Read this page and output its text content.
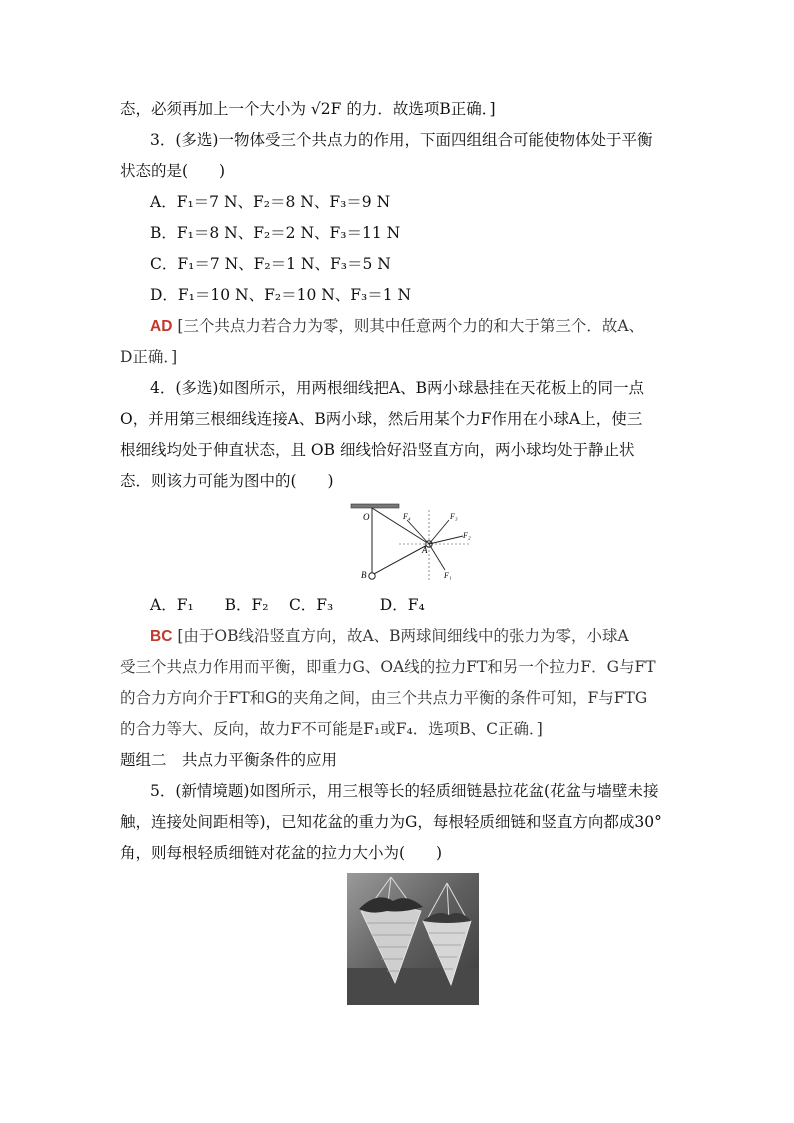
态，必须再加上一个大小为 √2F 的力．故选项B正确．]
3．(多选)一物体受三个共点力的作用，下面四组组合可能使物体处于平衡
状态的是(　　)
A．F₁＝7 N、F₂＝8 N、F₃＝9 N
B．F₁＝8 N、F₂＝2 N、F₃＝11 N
C．F₁＝7 N、F₂＝1 N、F₃＝5 N
D．F₁＝10 N、F₂＝10 N、F₃＝1 N
AD [三个共点力若合力为零，则其中任意两个力的和大于第三个．故A、
D正确．]
4．(多选)如图所示，用两根细线把A、B两小球悬挂在天花板上的同一点
O，并用第三根细线连接A、B两小球，然后用某个力F作用在小球A上，使三
根细线均处于伸直状态，且 OB 细线恰好沿竖直方向，两小球均处于静止状
态．则该力可能为图中的(　　)
O
A
B
F₄	F₃
F₂
F₁
A．F₁　　B．F₂　 C．F₃　　　D．F₄
BC [由于OB线沿竖直方向，故A、B两球间细线中的张力为零，小球A
受三个共点力作用而平衡，即重力G、OA线的拉力FT和另一个拉力F．G与FT
的合力方向介于FT和G的夹角之间，由三个共点力平衡的条件可知，F与FTG
的合力等大、反向，故力F不可能是F₁或F₄．选项B、C正确．]
题组二　共点力平衡条件的应用
5．(新情境题)如图所示，用三根等长的轻质细链悬拉花盆(花盆与墙壁未接
触，连接处间距相等)，已知花盆的重力为G，每根轻质细链和竖直方向都成30°
角，则每根轻质细链对花盆的拉力大小为(　　)
